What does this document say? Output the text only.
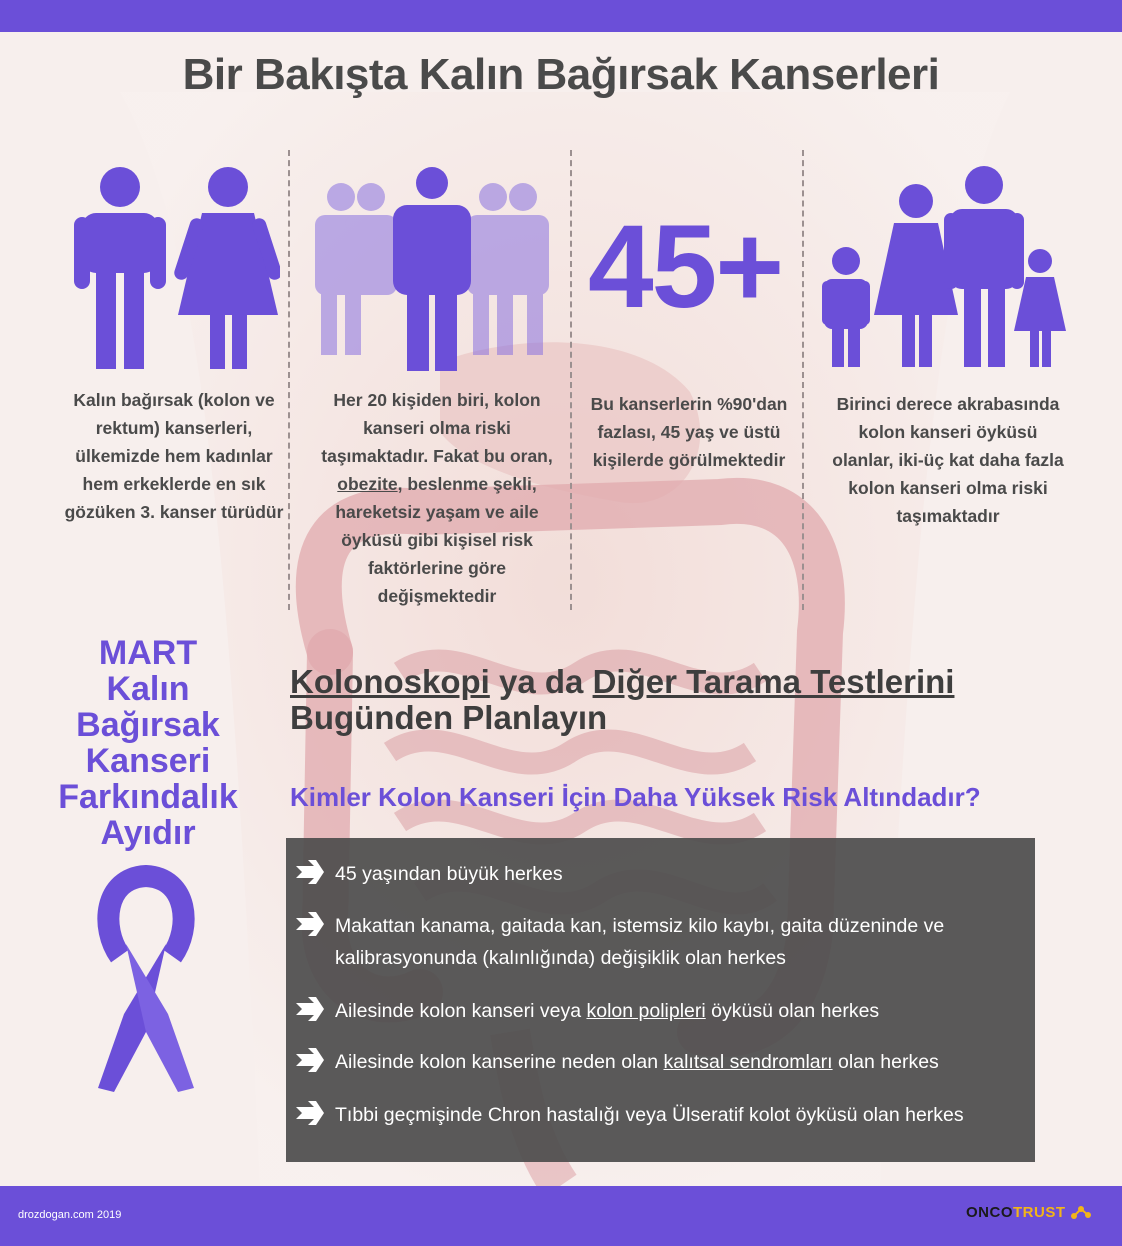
Bir Bakışta Kalın Bağırsak Kanserleri
45+
Kalın bağırsak (kolon ve rektum) kanserleri, ülkemizde hem kadınlar hem erkeklerde en sık gözüken 3. kanser türüdür
Her 20 kişiden biri, kolon kanseri olma riski taşımaktadır. Fakat bu oran, obezite, beslenme şekli, hareketsiz yaşam ve aile öyküsü gibi kişisel risk faktörlerine göre değişmektedir
Bu kanserlerin %90'dan fazlası, 45 yaş ve üstü kişilerde görülmektedir
Birinci derece akrabasında kolon kanseri öyküsü olanlar, iki-üç kat daha fazla kolon kanseri olma riski taşımaktadır
MART
Kalın
Bağırsak
Kanseri
Farkındalık
Ayıdır
Kolonoskopi ya da Diğer Tarama Testlerini
Bugünden Planlayın
Kimler Kolon Kanseri İçin Daha Yüksek Risk Altındadır?
45 yaşından büyük herkes
Makattan kanama, gaitada kan, istemsiz kilo kaybı, gaita düzeninde ve kalibrasyonunda (kalınlığında) değişiklik olan herkes
Ailesinde kolon kanseri veya kolon polipleri öyküsü olan herkes
Ailesinde kolon kanserine neden olan kalıtsal sendromları olan herkes
Tıbbi geçmişinde Chron hastalığı veya Ülseratif kolot öyküsü olan herkes
drozdogan.com 2019	ONCOTRUST
